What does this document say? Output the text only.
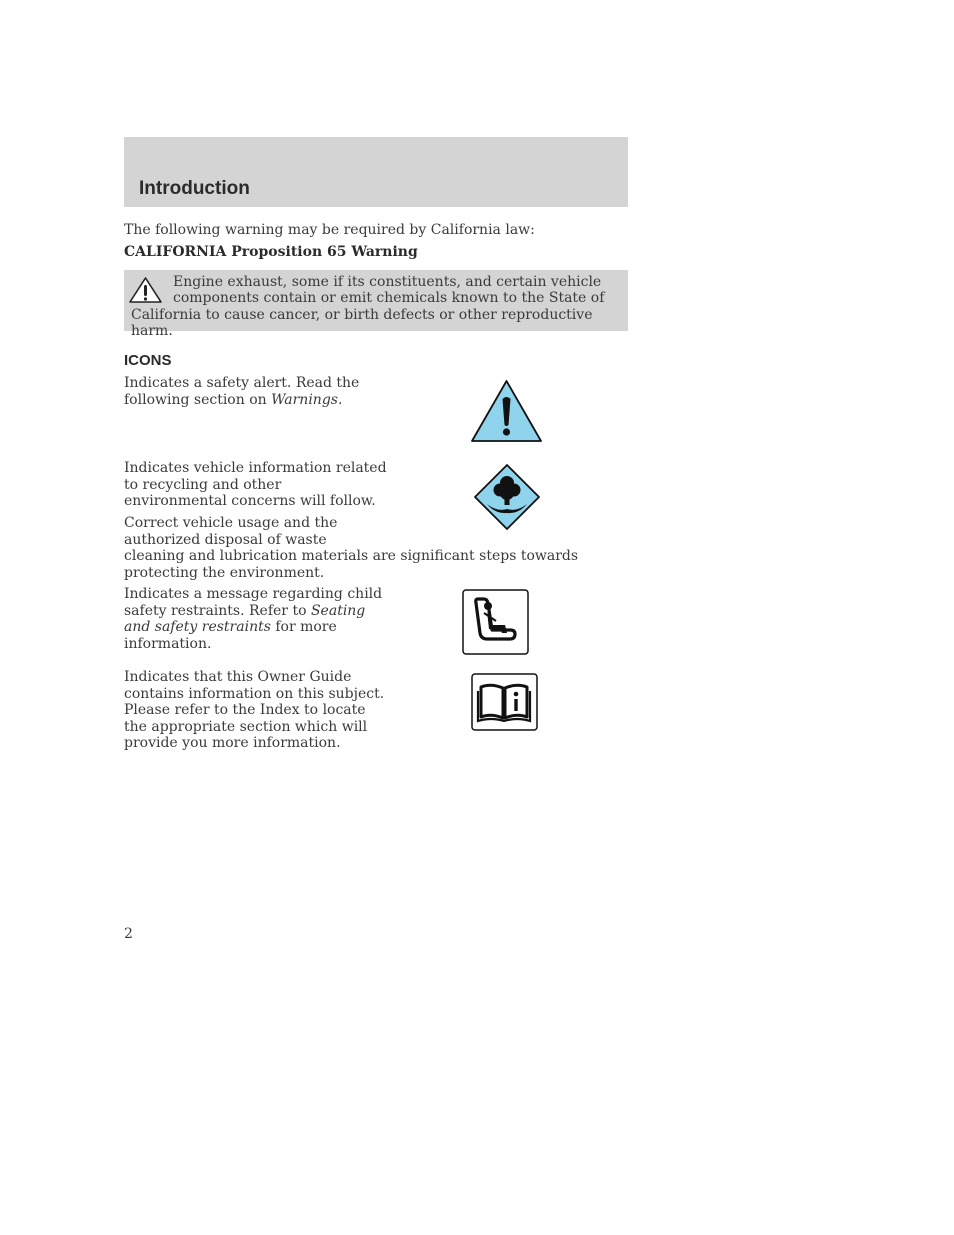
Introduction

The following warning may be required by California law:

CALIFORNIA Proposition 65 Warning

Engine exhaust, some if its constituents, and certain vehicle
components contain or emit chemicals known to the State of
California to cause cancer, or birth defects or other reproductive harm.

ICONS

Indicates a safety alert. Read the
following section on Warnings.

Indicates vehicle information related
to recycling and other
environmental concerns will follow.

Correct vehicle usage and the
authorized disposal of waste
cleaning and lubrication materials are significant steps towards
protecting the environment.

Indicates a message regarding child
safety restraints. Refer to Seating
and safety restraints for more
information.

Indicates that this Owner Guide
contains information on this subject.
Please refer to the Index to locate
the appropriate section which will
provide you more information.

2
